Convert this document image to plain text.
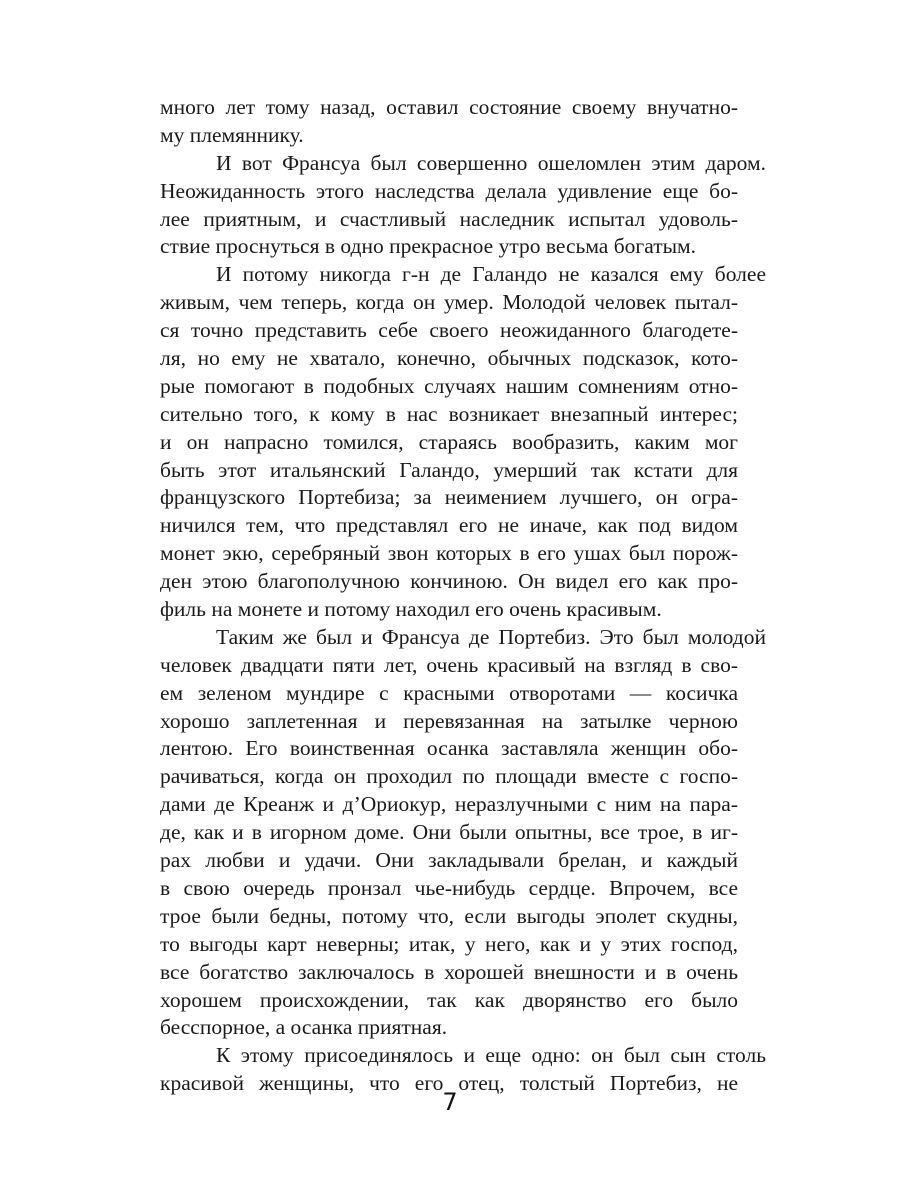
много лет тому назад, оставил состояние своему внучатно-
му племяннику.
И вот Франсуа был совершенно ошеломлен этим даром.
Неожиданность этого наследства делала удивление еще бо-
лее приятным, и счастливый наследник испытал удоволь-
ствие проснуться в одно прекрасное утро весьма богатым.
И потому никогда г-н де Галандо не казался ему более
живым, чем теперь, когда он умер. Молодой человек пытал-
ся точно представить себе своего неожиданного благодете-
ля, но ему не хватало, конечно, обычных подсказок, кото-
рые помогают в подобных случаях нашим сомнениям отно-
сительно того, к кому в нас возникает внезапный интерес;
и он напрасно томился, стараясь вообразить, каким мог
быть этот итальянский Галандо, умерший так кстати для
французского Портебиза; за неимением лучшего, он огра-
ничился тем, что представлял его не иначе, как под видом
монет экю, серебряный звон которых в его ушах был порож-
ден этою благополучною кончиною. Он видел его как про-
филь на монете и потому находил его очень красивым.
Таким же был и Франсуа де Портебиз. Это был молодой
человек двадцати пяти лет, очень красивый на взгляд в сво-
ем зеленом мундире с красными отворотами — косичка
хорошо заплетенная и перевязанная на затылке черною
лентою. Его воинственная осанка заставляла женщин обо-
рачиваться, когда он проходил по площади вместе с госпо-
дами де Креанж и д’Ориокур, неразлучными с ним на пара-
де, как и в игорном доме. Они были опытны, все трое, в иг-
рах любви и удачи. Они закладывали брелан, и каждый
в свою очередь пронзал чье-нибудь сердце. Впрочем, все
трое были бедны, потому что, если выгоды эполет скудны,
то выгоды карт неверны; итак, у него, как и у этих господ,
все богатство заключалось в хорошей внешности и в очень
хорошем происхождении, так как дворянство его было
бесспорное, а осанка приятная.
К этому присоединялось и еще одно: он был сын столь
красивой женщины, что его отец, толстый Портебиз, не
7
